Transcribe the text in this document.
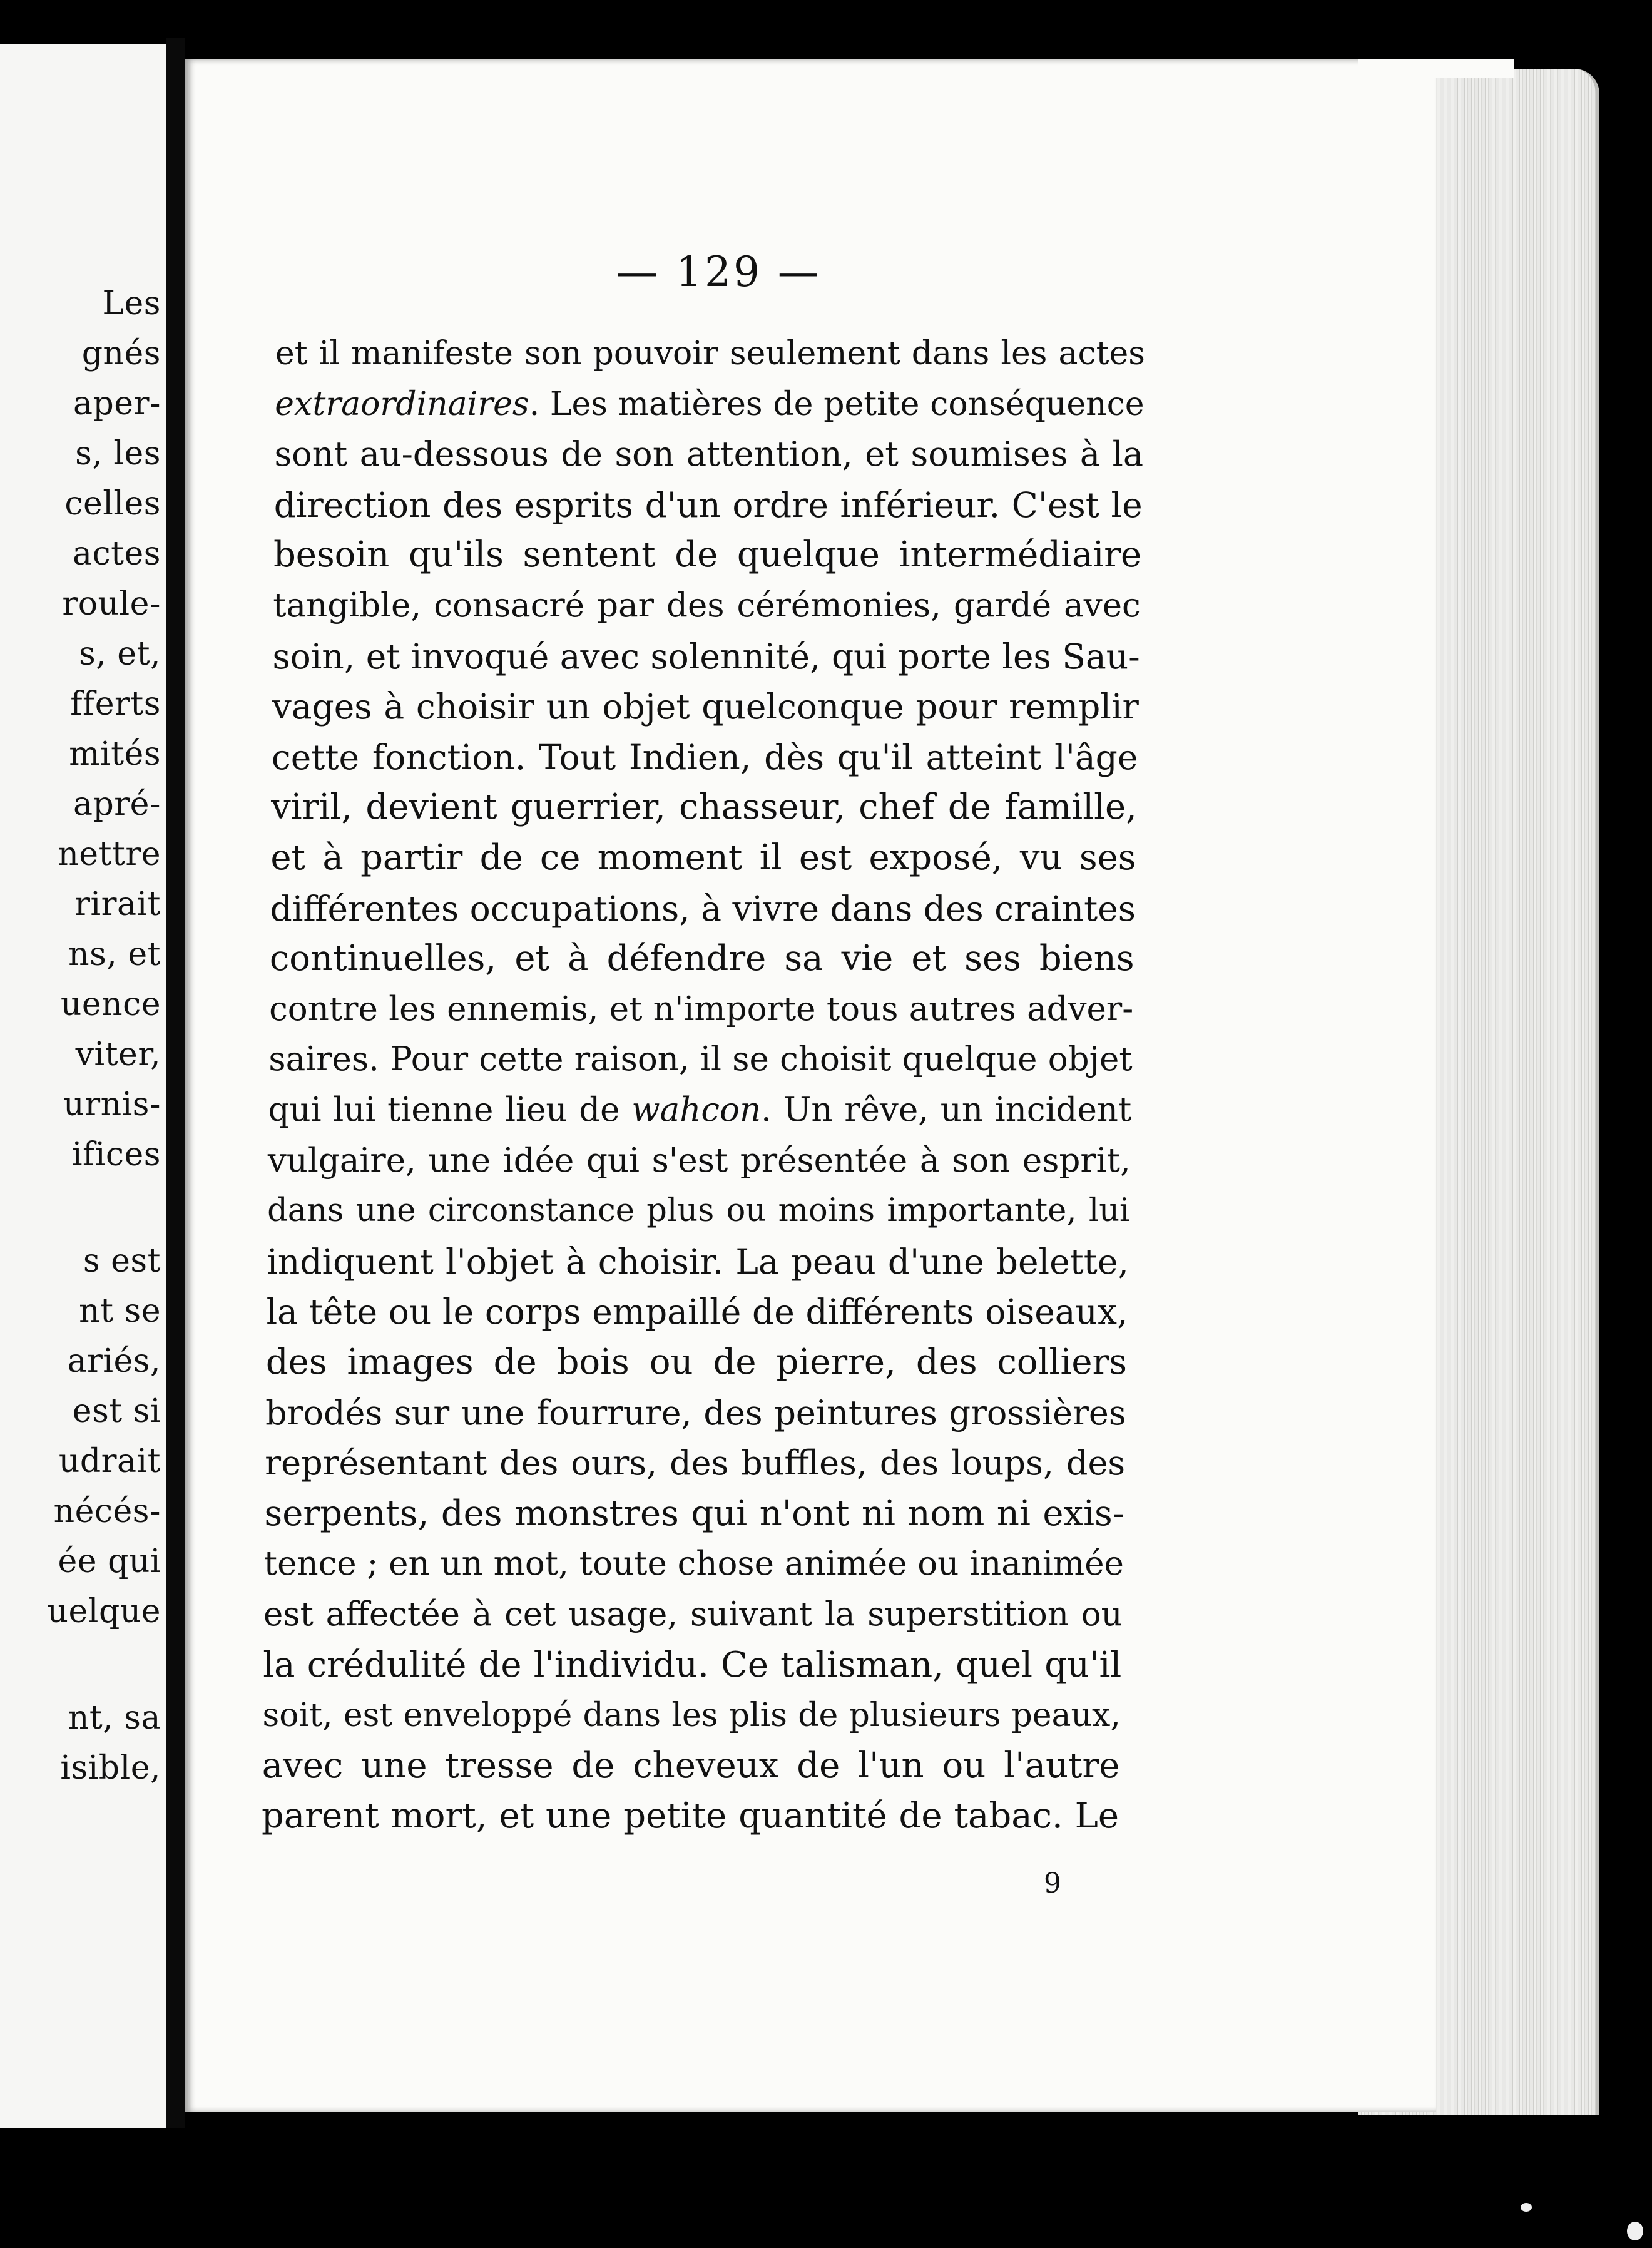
Les
gnés
aper-
s, les
celles
actes
roule-
s, et,
fferts
mités
apré-
nettre
rirait
ns, et
uence
viter,
urnis-
ifices
s est
nt se
ariés,
est si
udrait
nécés-
ée qui
uelque
nt, sa
isible,
— 129 —
et il manifeste son pouvoir seulement dans les actes
extraordinaires. Les matières de petite conséquence
sont au-dessous de son attention, et soumises à la
direction des esprits d'un ordre inférieur. C'est le
besoin qu'ils sentent de quelque intermédiaire
tangible, consacré par des cérémonies, gardé avec
soin, et invoqué avec solennité, qui porte les Sau-
vages à choisir un objet quelconque pour remplir
cette fonction. Tout Indien, dès qu'il atteint l'âge
viril, devient guerrier, chasseur, chef de famille,
et à partir de ce moment il est exposé, vu ses
différentes occupations, à vivre dans des craintes
continuelles, et à défendre sa vie et ses biens
contre les ennemis, et n'importe tous autres adver-
saires. Pour cette raison, il se choisit quelque objet
qui lui tienne lieu de wahcon. Un rêve, un incident
vulgaire, une idée qui s'est présentée à son esprit,
dans une circonstance plus ou moins importante, lui
indiquent l'objet à choisir. La peau d'une belette,
la tête ou le corps empaillé de différents oiseaux,
des images de bois ou de pierre, des colliers
brodés sur une fourrure, des peintures grossières
représentant des ours, des buffles, des loups, des
serpents, des monstres qui n'ont ni nom ni exis-
tence ; en un mot, toute chose animée ou inanimée
est affectée à cet usage, suivant la superstition ou
la crédulité de l'individu. Ce talisman, quel qu'il
soit, est enveloppé dans les plis de plusieurs peaux,
avec une tresse de cheveux de l'un ou l'autre
parent mort, et une petite quantité de tabac. Le
9
